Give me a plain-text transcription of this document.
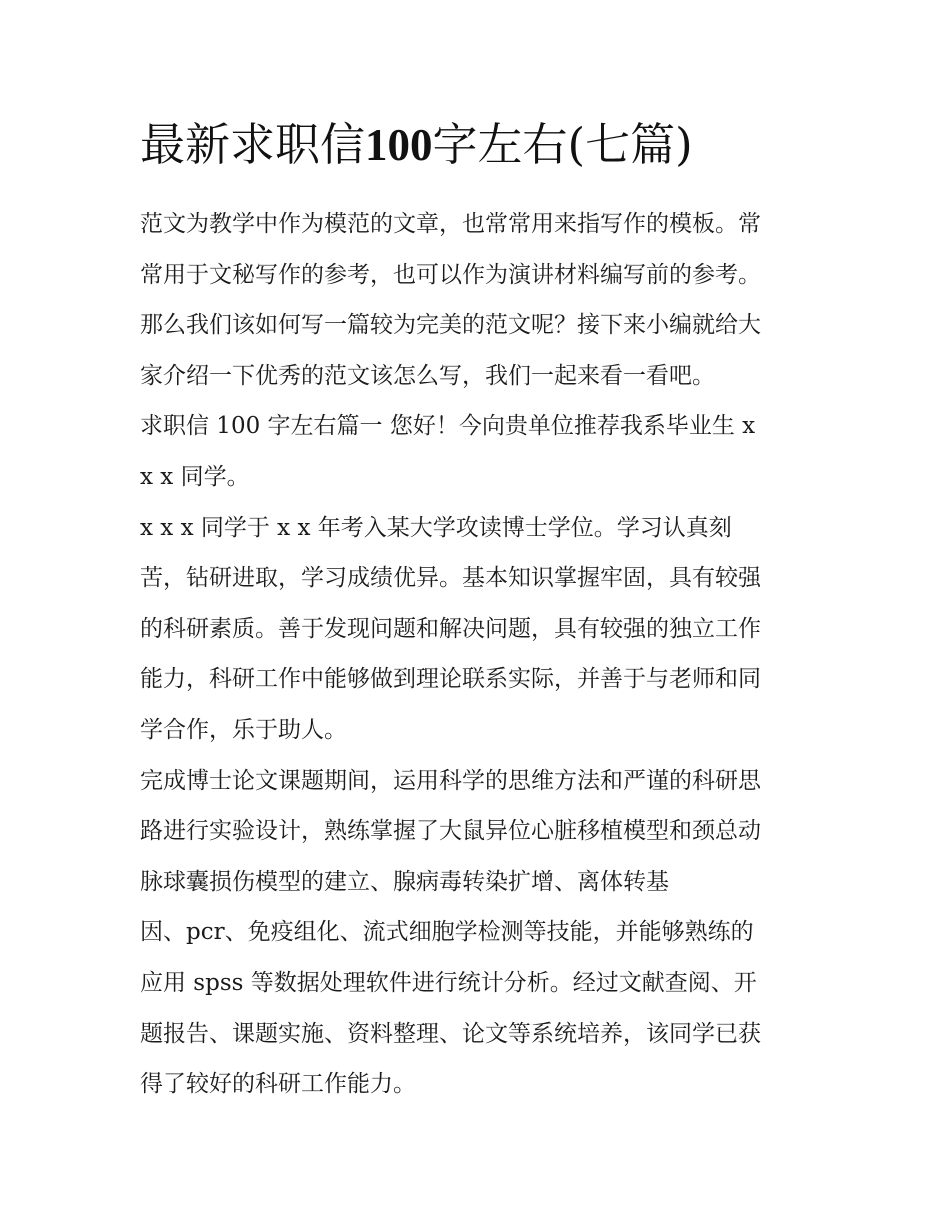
最新求职信100字左右(七篇)
范文为教学中作为模范的文章，也常常用来指写作的模板。常
常用于文秘写作的参考，也可以作为演讲材料编写前的参考。
那么我们该如何写一篇较为完美的范文呢？接下来小编就给大
家介绍一下优秀的范文该怎么写，我们一起来看一看吧。
求职信 100 字左右篇一 您好！今向贵单位推荐我系毕业生 x
x x 同学。
x x x 同学于 x x 年考入某大学攻读博士学位。学习认真刻
苦，钻研进取，学习成绩优异。基本知识掌握牢固，具有较强
的科研素质。善于发现问题和解决问题，具有较强的独立工作
能力，科研工作中能够做到理论联系实际，并善于与老师和同
学合作，乐于助人。
完成博士论文课题期间，运用科学的思维方法和严谨的科研思
路进行实验设计，熟练掌握了大鼠异位心脏移植模型和颈总动
脉球囊损伤模型的建立、腺病毒转染扩增、离体转基
因、pcr、免疫组化、流式细胞学检测等技能，并能够熟练的
应用 spss 等数据处理软件进行统计分析。经过文献查阅、开
题报告、课题实施、资料整理、论文等系统培养，该同学已获
得了较好的科研工作能力。
